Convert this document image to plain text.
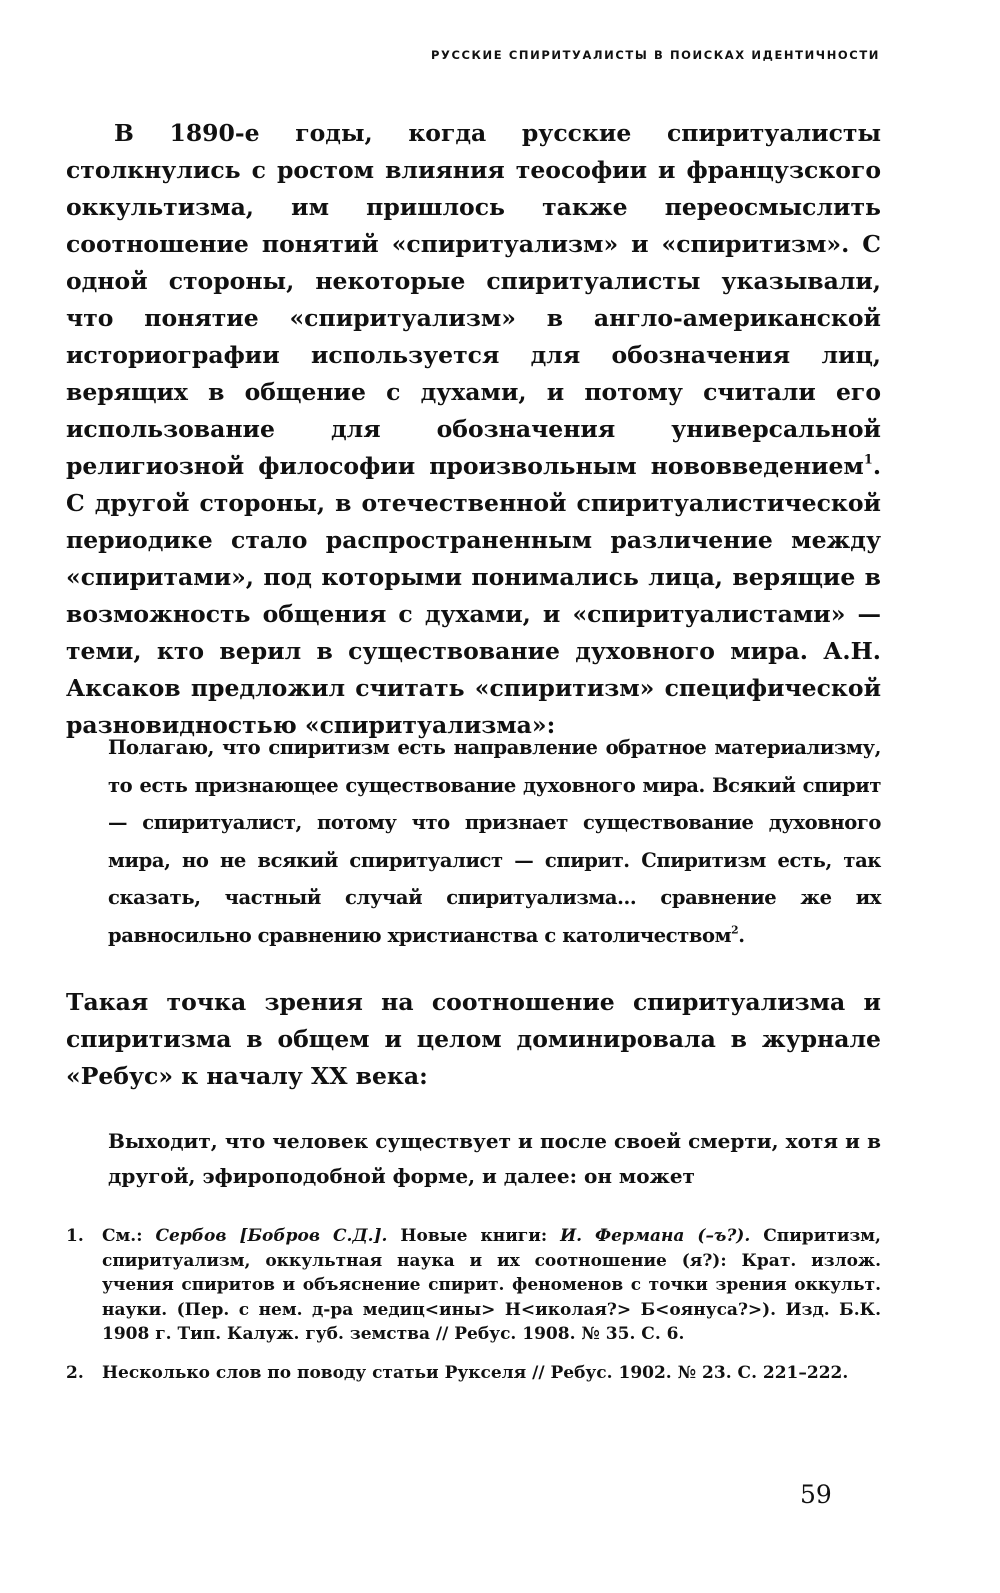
РУССКИЕ СПИРИТУАЛИСТЫ В ПОИСКАХ ИДЕНТИЧНОСТИ
В 1890-е годы, когда русские спиритуалисты столкнулись с ростом влияния теософии и французского оккультизма, им пришлось также переосмыслить соотношение понятий «спиритуализм» и «спиритизм». С одной стороны, некоторые спиритуалисты указывали, что понятие «спиритуализм» в англо-американской историографии используется для обозначения лиц, верящих в общение с духами, и потому считали его использование для обозначения универсальной религиозной философии произвольным нововведением$^1$. С другой стороны, в отечественной спиритуалистической периодике стало распространенным различение между «спиритами», под которыми понимались лица, верящие в возможность общения с духами, и «спиритуалистами» — теми, кто верил в существование духовного мира. А.Н. Аксаков предложил считать «спиритизм» специфической разновидностью «спиритуализма»:
Полагаю, что спиритизм есть направление обратное материализму, то есть признающее существование духовного мира. Всякий спирит — спиритуалист, потому что признает существование духовного мира, но не всякий спиритуалист — спирит. Спиритизм есть, так сказать, частный случай спиритуализма... сравнение же их равносильно сравнению христианства с католичеством$^2$.
Такая точка зрения на соотношение спиритуализма и спиритизма в общем и целом доминировала в журнале «Ребус» к началу XX века:
Выходит, что человек существует и после своей смерти, хотя и в другой, эфироподобной форме, и далее: он может
1.	См.: Сербов [Бобров С.Д.]. Новые книги: И. Фермана (–ъ?). Спиритизм, спиритуализм, оккультная наука и их соотношение (я?): Крат. излож. учения спиритов и объяснение спирит. феноменов с точки зрения оккульт. науки. (Пер. с нем. д-ра медиц<ины> Н<иколая?> Б<оянуса?>). Изд. Б.К. 1908 г. Тип. Калуж. губ. земства // Ребус. 1908. № 35. С. 6.
2.	Несколько слов по поводу статьи Рукселя // Ребус. 1902. № 23. С. 221–222.
59
